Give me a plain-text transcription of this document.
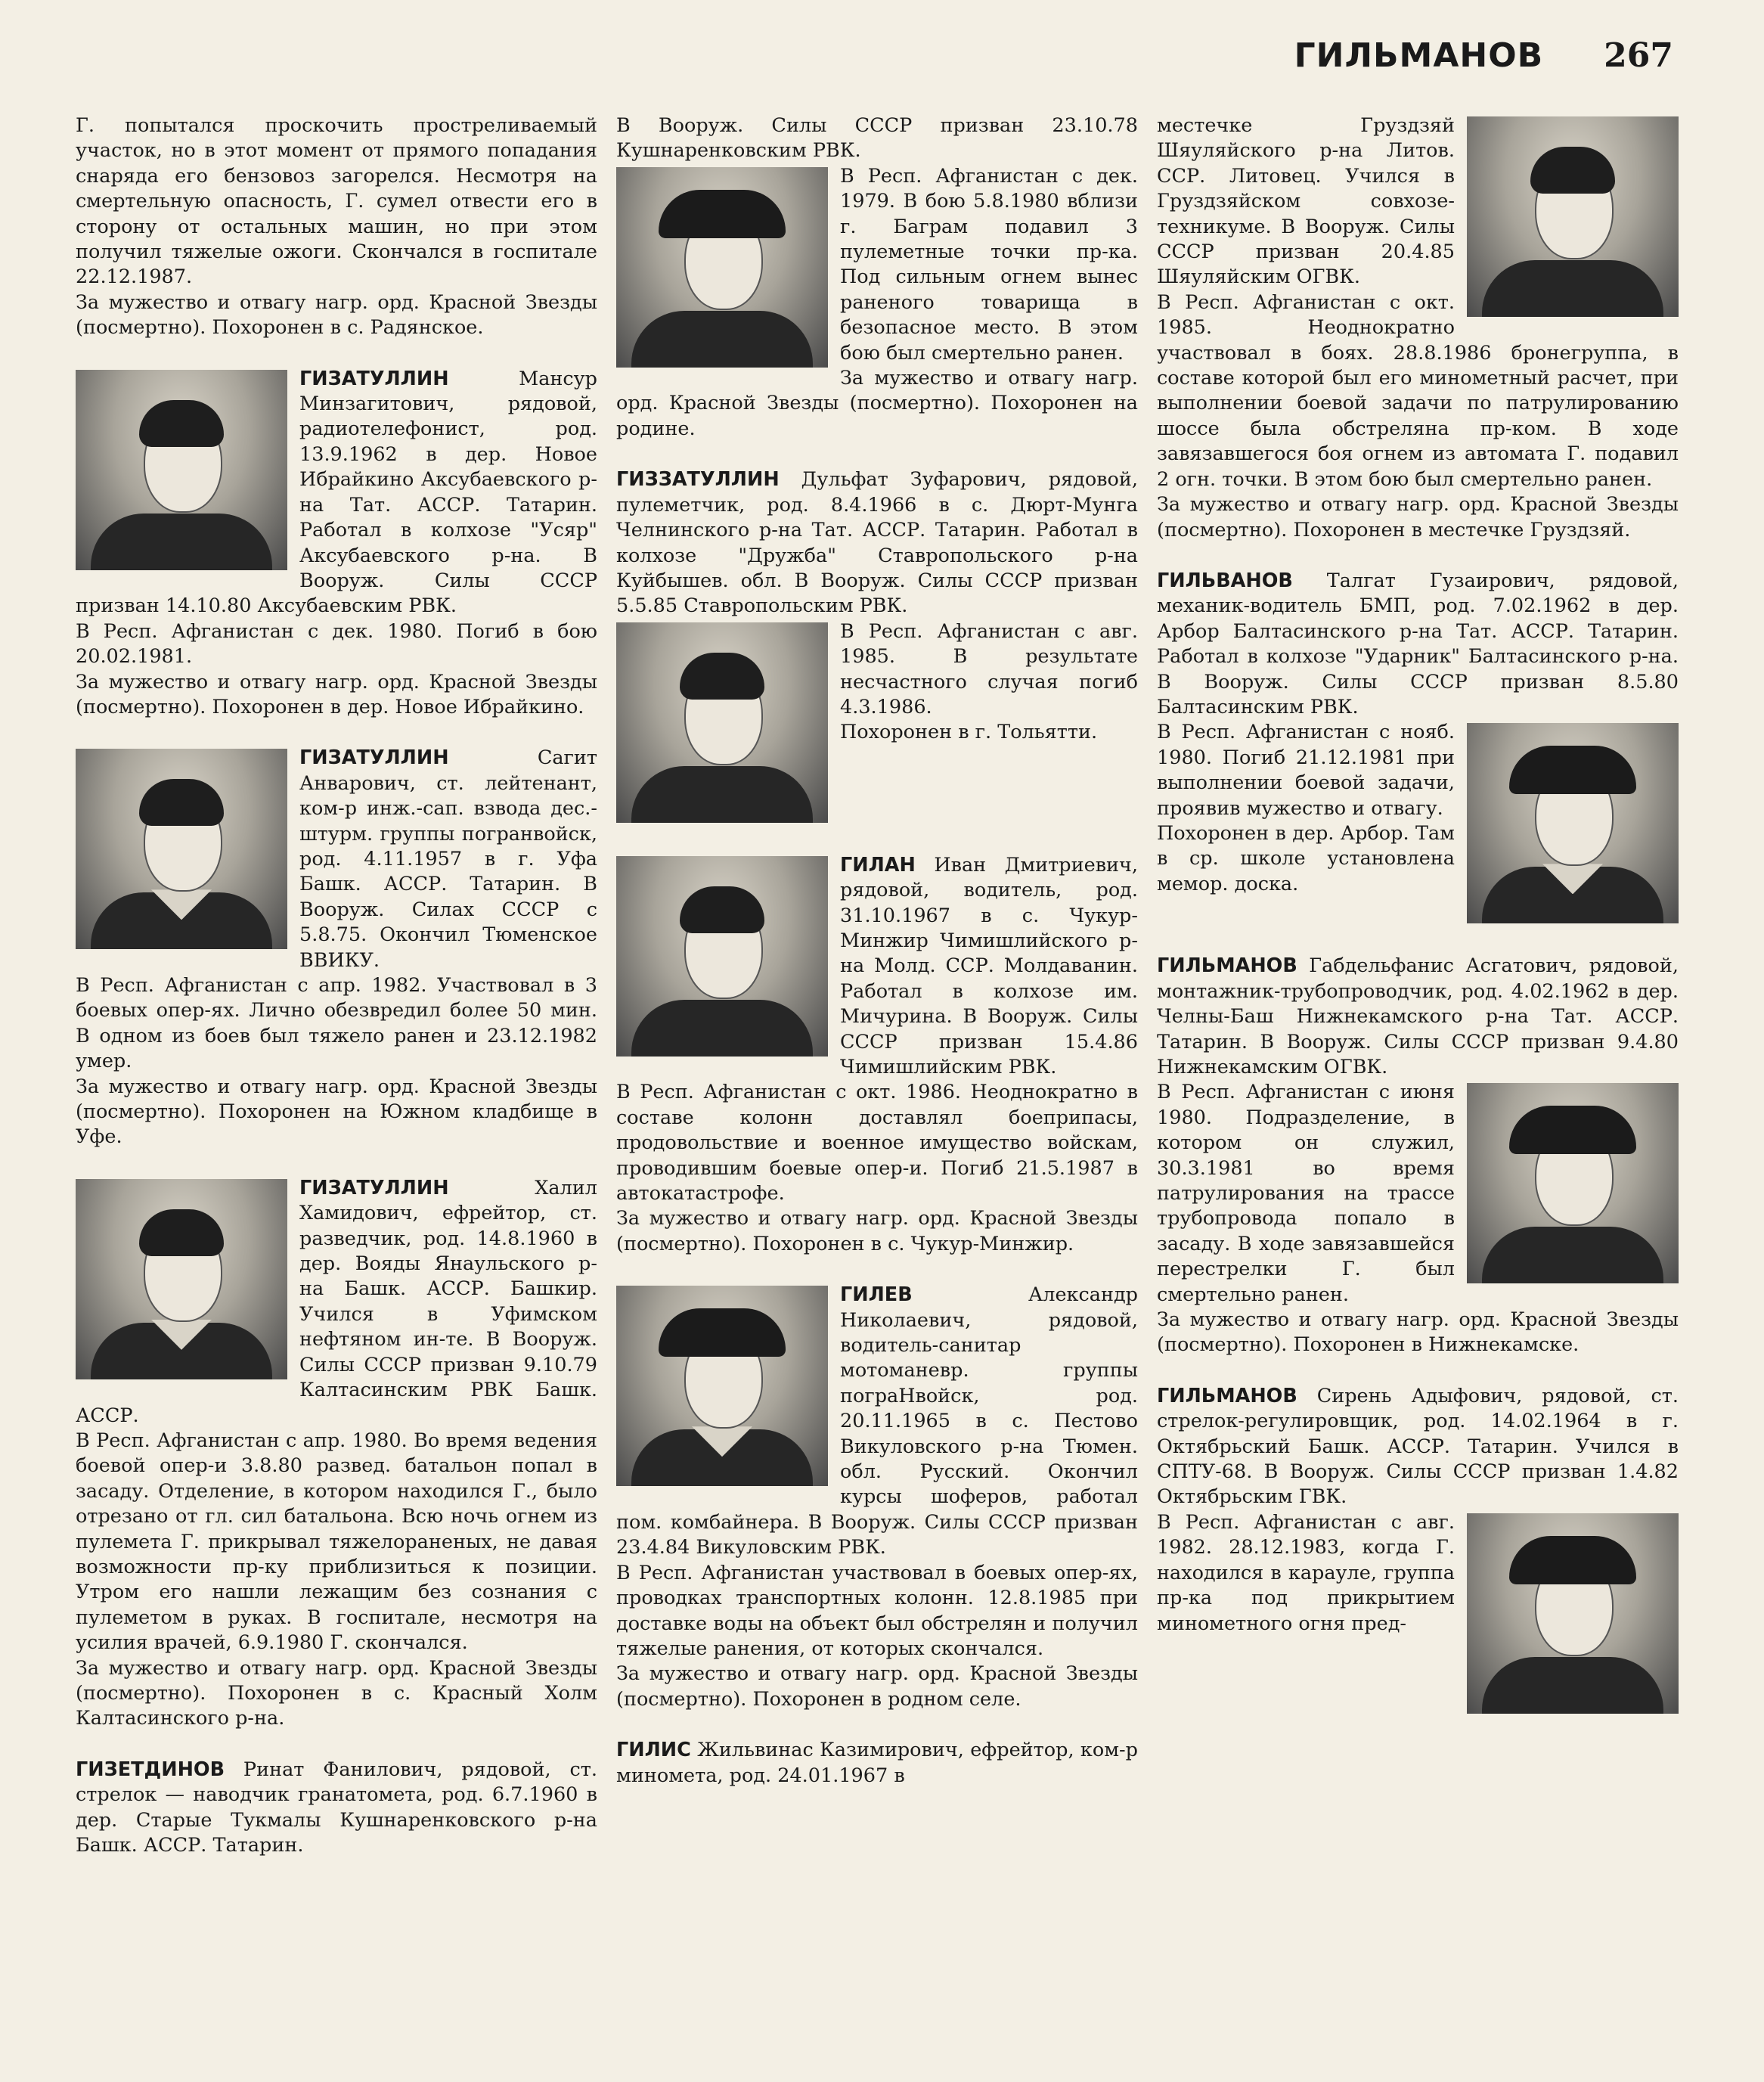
ГИЛЬМАНОВ 267

Г. попытался проскочить простреливаемый участок, но в этот момент от прямого попадания снаряда его бензовоз загорелся. Несмотря на смертельную опасность, Г. сумел отвести его в сторону от остальных машин, но при этом получил тяжелые ожоги. Скончался в госпитале 22.12.1987.

За мужество и отвагу нагр. орд. Красной Звезды (посмертно). Похоронен в с. Радянское.

ГИЗАТУЛЛИН	Мансур Минзагитович, рядовой, радиотелефонист, род. 13.9.1962 в дер. Новое Ибрайкино Аксубаевского р-на Тат. АССР. Татарин. Работал в колхозе "Усяр" Аксубаевского р-на. В Вооруж. Силы СССР призван 14.10.80 Аксубаевским РВК.

В Респ. Афганистан с дек. 1980. Погиб в бою 20.02.1981.

За мужество и отвагу нагр. орд. Красной Звезды (посмертно). Похоронен в дер. Новое Ибрайкино.

ГИЗАТУЛЛИН	Сагит Анварович, ст. лейтенант, ком-р инж.-сап. взвода дес.-штурм. группы погранвойск, род. 4.11.1957 в г. Уфа Башк. АССР. Татарин. В Вооруж. Силах СССР с 5.8.75. Окончил Тюменское ВВИКУ.

В Респ. Афганистан с апр. 1982. Участвовал в 3 боевых опер-ях. Лично обезвредил более 50 мин. В одном из боев был тяжело ранен и 23.12.1982 умер.

За мужество и отвагу нагр. орд. Красной Звезды (посмертно). Похоронен на Южном кладбище в Уфе.

ГИЗАТУЛЛИН	Халил Хамидович, ефрейтор, ст. разведчик, род. 14.8.1960 в дер. Вояды Янаульского р-на Башк. АССР. Башкир. Учился в Уфимском нефтяном ин-те. В Вооруж. Силы СССР призван 9.10.79 Калтасинским РВК Башк. АССР.

В Респ. Афганистан с апр. 1980. Во время ведения боевой опер-и 3.8.80 развед. батальон попал в засаду. Отделение, в котором находился Г., было отрезано от гл. сил батальона. Всю ночь огнем из пулемета Г. прикрывал тяжелораненых, не давая возможности пр-ку приблизиться к позиции. Утром его нашли лежащим без сознания с пулеметом в руках. В госпитале, несмотря на усилия врачей, 6.9.1980 Г. скончался.

За мужество и отвагу нагр. орд. Красной Звезды (посмертно). Похоронен в с. Красный Холм Калтасинского р-на.

ГИЗЕТДИНОВ Ринат Фанилович, рядовой, ст. стрелок — наводчик гранатомета, род. 6.7.1960 в дер. Старые Тукмалы Кушнаренковского р-на Башк. АССР. Татарин.

В Вооруж. Силы СССР призван 23.10.78 Кушнаренковским РВК.

В Респ. Афганистан с дек. 1979. В бою 5.8.1980 вблизи г. Баграм подавил 3 пулеметные точки пр-ка. Под сильным огнем вынес раненого товарища в безопасное место. В этом бою был смертельно ранен.

За мужество и отвагу нагр. орд. Красной Звезды (посмертно). Похоронен на родине.

ГИЗЗАТУЛЛИН Дульфат Зуфарович, рядовой, пулеметчик, род. 8.4.1966 в с. Дюрт-Мунга Челнинского р-на Тат. АССР. Татарин. Работал в колхозе "Дружба" Ставропольского р-на Куйбышев. обл. В Вооруж. Силы СССР призван 5.5.85 Ставропольским РВК.

В Респ. Афганистан с авг. 1985. В результате несчастного случая погиб 4.3.1986.

Похоронен в г. Тольятти.

ГИЛАН Иван Дмитриевич, рядовой, водитель, род. 31.10.1967 в с. Чукур-Минжир Чимишлийского р-на Молд. ССР. Молдаванин. Работал в колхозе им. Мичурина. В Вооруж. Силы СССР призван 15.4.86 Чимишлийским РВК.

В Респ. Афганистан с окт. 1986. Неоднократно в составе колонн доставлял боеприпасы, продовольствие и военное имущество войскам, проводившим боевые опер-и. Погиб 21.5.1987 в автокатастрофе.

За мужество и отвагу нагр. орд. Красной Звезды (посмертно). Похоронен в с. Чукур-Минжир.

ГИЛЕВ	Александр Николаевич, рядовой, водитель-санитар мотоманевр. группы пограНвойск, род. 20.11.1965 в с. Пестово Викуловского р-на Тюмен. обл. Русский. Окончил курсы шоферов, работал пом. комбайнера. В Вооруж. Силы СССР призван 23.4.84 Викуловским РВК.

В Респ. Афганистан участвовал в боевых опер-ях, проводках транспортных колонн. 12.8.1985 при доставке воды на объект был обстрелян и получил тяжелые ранения, от которых скончался.

За мужество и отвагу нагр. орд. Красной Звезды (посмертно). Похоронен в родном селе.

ГИЛИС Жильвинас Казимирович, ефрейтор, ком-р миномета, род. 24.01.1967 в

местечке Груздзяй Шяуляйского р-на Литов. ССР. Литовец. Учился в Груздзяйском совхозе-техникуме. В Вооруж. Силы СССР призван 20.4.85 Шяуляйским ОГВК.

В Респ. Афганистан с окт. 1985. Неоднократно участвовал в боях. 28.8.1986 бронегруппа, в составе которой был его минометный расчет, при выполнении боевой задачи по патрулированию шоссе была обстреляна пр-ком. В ходе завязавшегося боя огнем из автомата Г. подавил 2 огн. точки. В этом бою был смертельно ранен.

За мужество и отвагу нагр. орд. Красной Звезды (посмертно). Похоронен в местечке Груздзяй.

ГИЛЬВАНОВ Талгат Гузаирович, рядовой, механик-водитель БМП, род. 7.02.1962 в дер. Арбор Балтасинского р-на Тат. АССР. Татарин. Работал в колхозе "Ударник" Балтасинского р-на. В Вооруж. Силы СССР призван 8.5.80 Балтасинским РВК.

В Респ. Афганистан с нояб. 1980. Погиб 21.12.1981 при выполнении боевой задачи, проявив мужество и отвагу.

Похоронен в дер. Арбор. Там в ср. школе установлена мемор. доска.

ГИЛЬМАНОВ Габдельфанис Асгатович, рядовой, монтажник-трубопроводчик, род. 4.02.1962 в дер. Челны-Баш Нижнекамского р-на Тат. АССР. Татарин. В Вооруж. Силы СССР призван 9.4.80 Нижнекамским ОГВК.

В Респ. Афганистан с июня 1980. Подразделение, в котором он служил, 30.3.1981 во время патрулирования на трассе трубопровода попало в засаду. В ходе завязавшейся перестрелки Г. был смертельно ранен.

За мужество и отвагу нагр. орд. Красной Звезды (посмертно). Похоронен в Нижнекамске.

ГИЛЬМАНОВ Сирень Адыфович, рядовой, ст. стрелок-регулировщик, род. 14.02.1964 в г. Октябрьский Башк. АССР. Татарин. Учился в СПТУ-68. В Вооруж. Силы СССР призван 1.4.82 Октябрьским ГВК.

В Респ. Афганистан с авг. 1982. 28.12.1983, когда Г. находился в карауле, группа пр-ка под прикрытием минометного огня пред-
